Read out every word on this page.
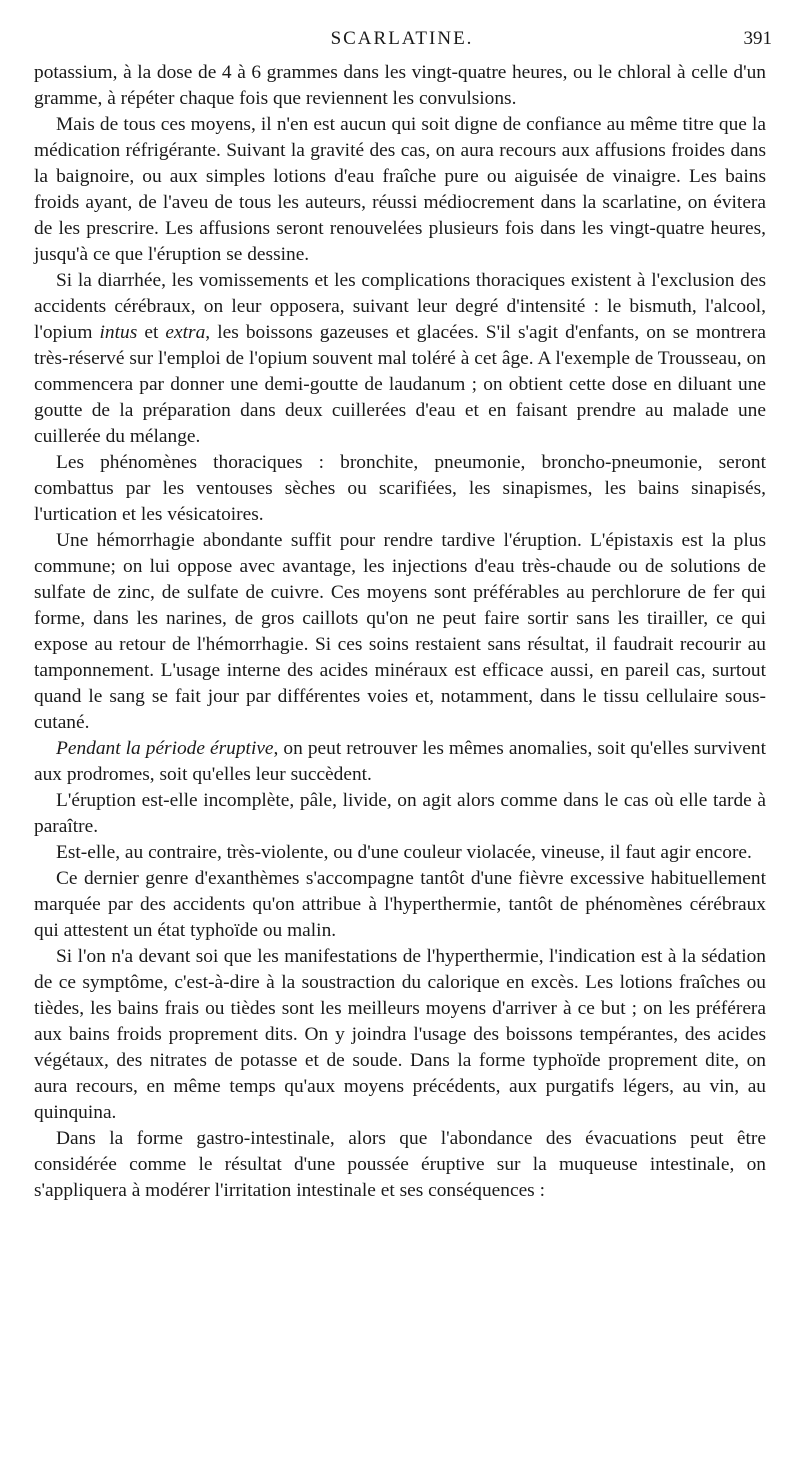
SCARLATINE.	391

potassium, à la dose de 4 à 6 grammes dans les vingt-quatre heures, ou le chloral à celle d'un gramme, à répéter chaque fois que reviennent les convulsions.

Mais de tous ces moyens, il n'en est aucun qui soit digne de confiance au même titre que la médication réfrigérante. Suivant la gravité des cas, on aura recours aux affusions froides dans la baignoire, ou aux simples lotions d'eau fraîche pure ou aiguisée de vinaigre. Les bains froids ayant, de l'aveu de tous les auteurs, réussi médiocrement dans la scarlatine, on évitera de les prescrire. Les affusions seront renouvelées plusieurs fois dans les vingt-quatre heures, jusqu'à ce que l'éruption se dessine.

Si la diarrhée, les vomissements et les complications thoraciques existent à l'exclusion des accidents cérébraux, on leur opposera, suivant leur degré d'intensité : le bismuth, l'alcool, l'opium intus et extra, les boissons gazeuses et glacées. S'il s'agit d'enfants, on se montrera très-réservé sur l'emploi de l'opium souvent mal toléré à cet âge. A l'exemple de Trousseau, on commencera par donner une demi-goutte de laudanum ; on obtient cette dose en diluant une goutte de la préparation dans deux cuillerées d'eau et en faisant prendre au malade une cuillerée du mélange.

Les phénomènes thoraciques : bronchite, pneumonie, broncho-pneumonie, seront combattus par les ventouses sèches ou scarifiées, les sinapismes, les bains sinapisés, l'urtication et les vésicatoires.

Une hémorrhagie abondante suffit pour rendre tardive l'éruption. L'épistaxis est la plus commune; on lui oppose avec avantage, les injections d'eau très-chaude ou de solutions de sulfate de zinc, de sulfate de cuivre. Ces moyens sont préférables au perchlorure de fer qui forme, dans les narines, de gros caillots qu'on ne peut faire sortir sans les tirailler, ce qui expose au retour de l'hémorrhagie. Si ces soins restaient sans résultat, il faudrait recourir au tamponnement. L'usage interne des acides minéraux est efficace aussi, en pareil cas, surtout quand le sang se fait jour par différentes voies et, notamment, dans le tissu cellulaire sous-cutané.

Pendant la période éruptive, on peut retrouver les mêmes anomalies, soit qu'elles survivent aux prodromes, soit qu'elles leur succèdent.

L'éruption est-elle incomplète, pâle, livide, on agit alors comme dans le cas où elle tarde à paraître.

Est-elle, au contraire, très-violente, ou d'une couleur violacée, vineuse, il faut agir encore.

Ce dernier genre d'exanthèmes s'accompagne tantôt d'une fièvre excessive habituellement marquée par des accidents qu'on attribue à l'hyperthermie, tantôt de phénomènes cérébraux qui attestent un état typhoïde ou malin.

Si l'on n'a devant soi que les manifestations de l'hyperthermie, l'indication est à la sédation de ce symptôme, c'est-à-dire à la soustraction du calorique en excès. Les lotions fraîches ou tièdes, les bains frais ou tièdes sont les meilleurs moyens d'arriver à ce but ; on les préférera aux bains froids proprement dits. On y joindra l'usage des boissons tempérantes, des acides végétaux, des nitrates de potasse et de soude. Dans la forme typhoïde proprement dite, on aura recours, en même temps qu'aux moyens précédents, aux purgatifs légers, au vin, au quinquina.

Dans la forme gastro-intestinale, alors que l'abondance des évacuations peut être considérée comme le résultat d'une poussée éruptive sur la muqueuse intestinale, on s'appliquera à modérer l'irritation intestinale et ses conséquences :
